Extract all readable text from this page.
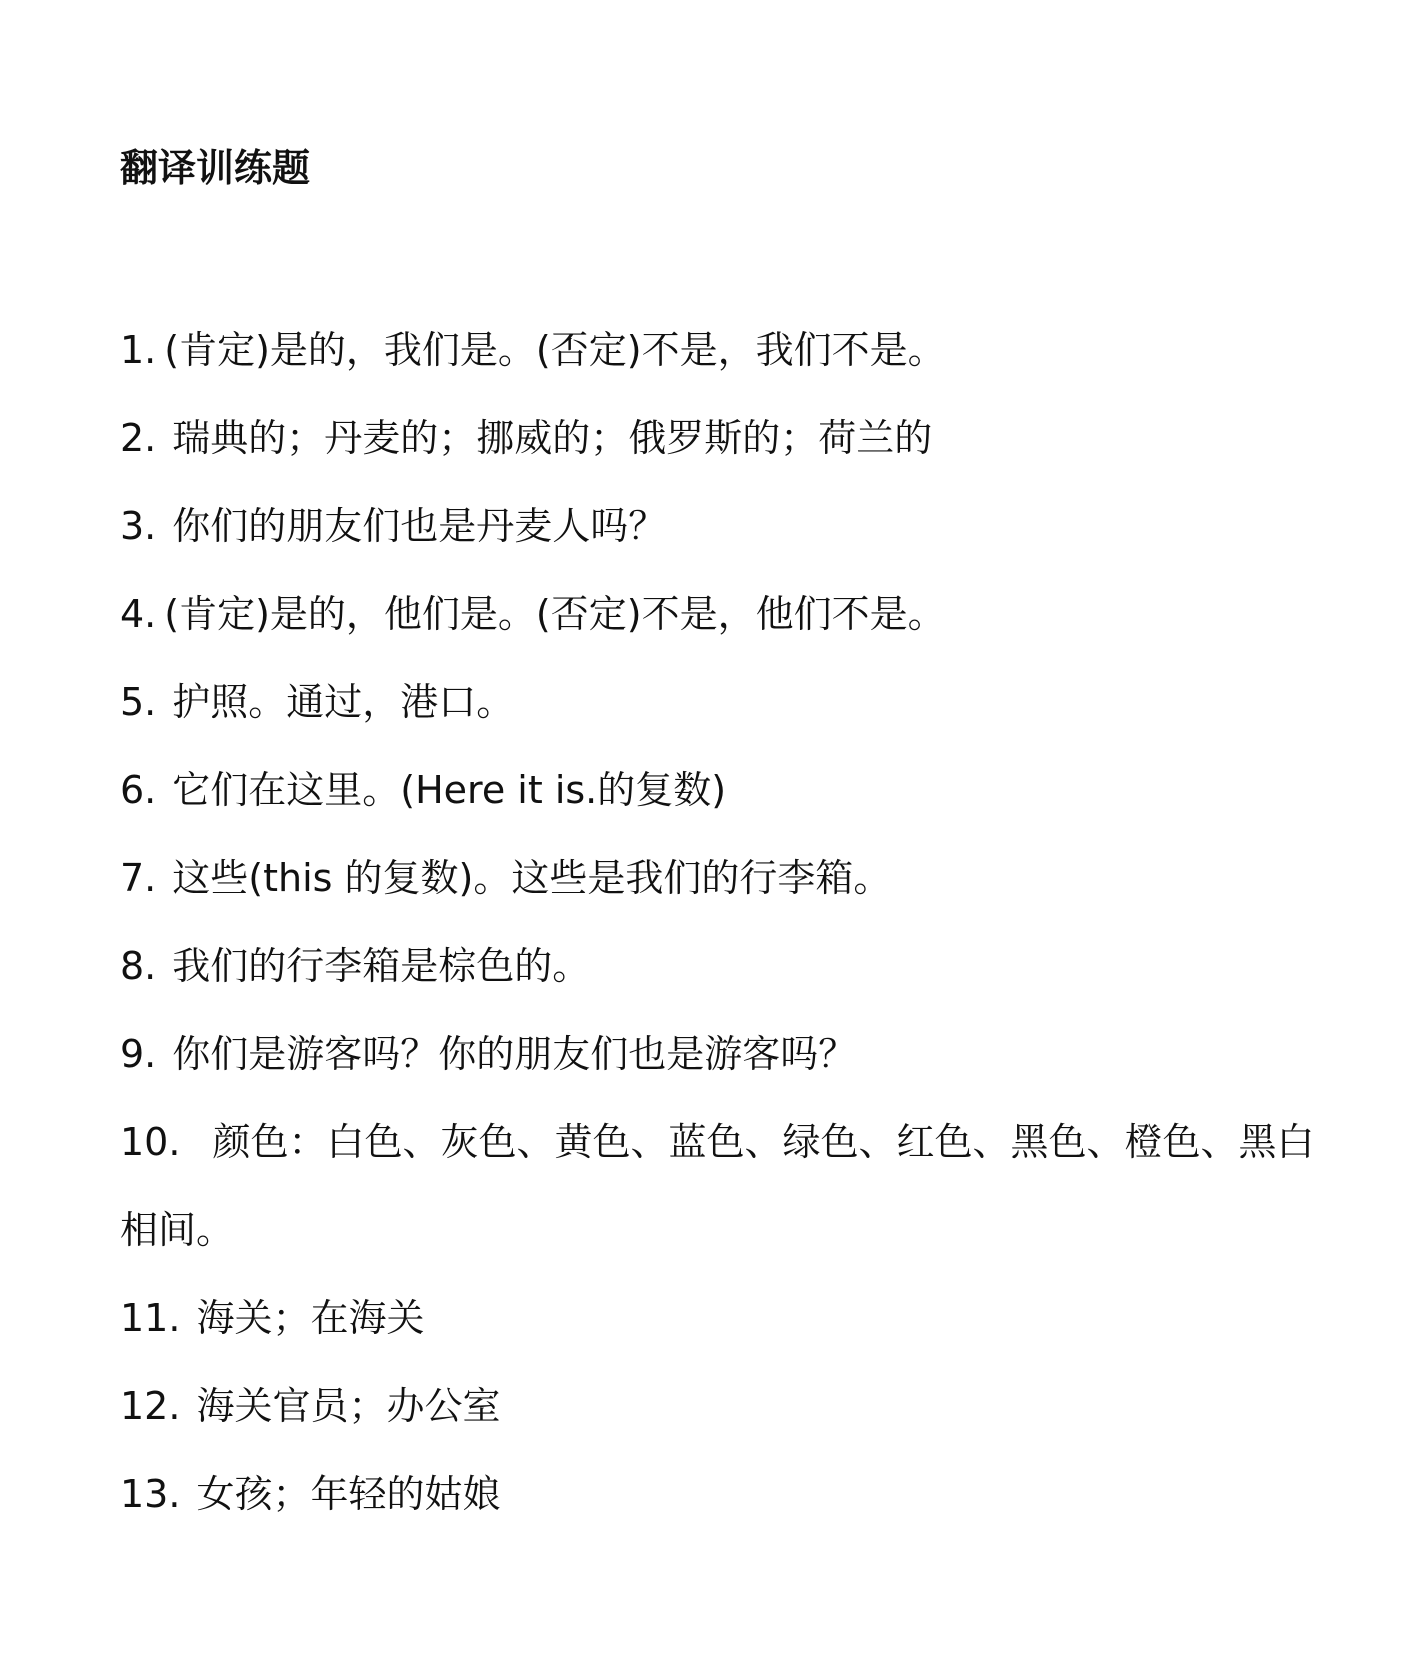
翻译训练题
1. (肯定)是的，我们是。(否定)不是，我们不是。
2. 瑞典的；丹麦的；挪威的；俄罗斯的；荷兰的
3. 你们的朋友们也是丹麦人吗？
4. (肯定)是的，他们是。(否定)不是，他们不是。
5. 护照。通过，港口。
6. 它们在这里。(Here it is.的复数)
7. 这些(this 的复数)。这些是我们的行李箱。
8. 我们的行李箱是棕色的。
9. 你们是游客吗？你的朋友们也是游客吗？
10. 颜色：白色、灰色、黄色、蓝色、绿色、红色、黑色、橙色、黑白相间。
11. 海关；在海关
12. 海关官员；办公室
13. 女孩；年轻的姑娘
